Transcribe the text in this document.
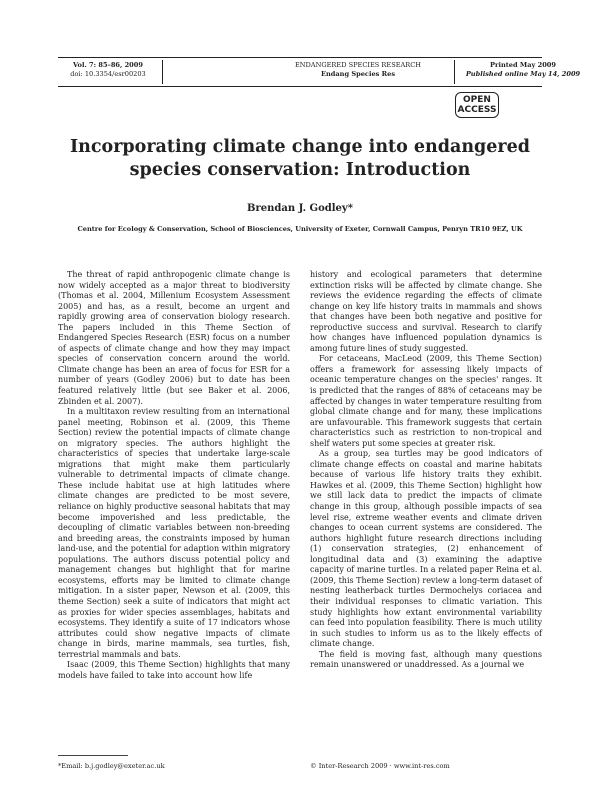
Vol. 7: 85–86, 2009
doi: 10.3354/esr00203
ENDANGERED SPECIES RESEARCH
Endang Species Res
Printed May 2009
Published online May 14, 2009
OPEN
ACCESS
Incorporating climate change into endangered
species conservation: Introduction
Brendan J. Godley*
Centre for Ecology & Conservation, School of Biosciences, University of Exeter, Cornwall Campus, Penryn TR10 9EZ, UK

The threat of rapid anthropogenic climate change is now widely accepted as a major threat to biodiversity (Thomas et al. 2004, Millenium Ecosystem Assessment 2005) and has, as a result, become an urgent and rapidly growing area of conservation biology research. The papers included in this Theme Section of Endangered Species Research (ESR) focus on a number of aspects of climate change and how they may impact species of conservation concern around the world. Climate change has been an area of focus for ESR for a number of years (Godley 2006) but to date has been featured relatively little (but see Baker et al. 2006, Zbinden et al. 2007).

In a multitaxon review resulting from an international panel meeting, Robinson et al. (2009, this Theme Section) review the potential impacts of climate change on migratory species. The authors highlight the characteristics of species that undertake large-scale migrations that might make them particularly vulnerable to detrimental impacts of climate change. These include habitat use at high latitudes where climate changes are predicted to be most severe, reliance on highly productive seasonal habitats that may become impoverished and less predictable, the decoupling of climatic variables between non-breeding and breeding areas, the constraints imposed by human land-use, and the potential for adaption within migratory populations. The authors discuss potential policy and management changes but highlight that for marine ecosystems, efforts may be limited to climate change mitigation. In a sister paper, Newson et al. (2009, this theme Section) seek a suite of indicators that might act as proxies for wider species assemblages, habitats and ecosystems. They identify a suite of 17 indicators whose attributes could show negative impacts of climate change in birds, marine mammals, sea turtles, fish, terrestrial mammals and bats.

Isaac (2009, this Theme Section) highlights that many models have failed to take into account how life

history and ecological parameters that determine extinction risks will be affected by climate change. She reviews the evidence regarding the effects of climate change on key life history traits in mammals and shows that changes have been both negative and positive for reproductive success and survival. Research to clarify how changes have influenced population dynamics is among future lines of study suggested.

For cetaceans, MacLeod (2009, this Theme Section) offers a framework for assessing likely impacts of oceanic temperature changes on the species' ranges. It is predicted that the ranges of 88% of cetaceans may be affected by changes in water temperature resulting from global climate change and for many, these implications are unfavourable. This framework suggests that certain characteristics such as restriction to non-tropical and shelf waters put some species at greater risk.

As a group, sea turtles may be good indicators of climate change effects on coastal and marine habitats because of various life history traits they exhibit. Hawkes et al. (2009, this Theme Section) highlight how we still lack data to predict the impacts of climate change in this group, although possible impacts of sea level rise, extreme weather events and climate driven changes to ocean current systems are considered. The authors highlight future research directions including (1) conservation strategies, (2) enhancement of longitudinal data and (3) examining the adaptive capacity of marine turtles. In a related paper Reina et al. (2009, this Theme Section) review a long-term dataset of nesting leatherback turtles Dermochelys coriacea and their individual responses to climatic variation. This study highlights how extant environmental variability can feed into population feasibility. There is much utility in such studies to inform us as to the likely effects of climate change.

The field is moving fast, although many questions remain unanswered or unaddressed. As a journal we

*Email: b.j.godley@exeter.ac.uk	© Inter-Research 2009 · www.int-res.com
